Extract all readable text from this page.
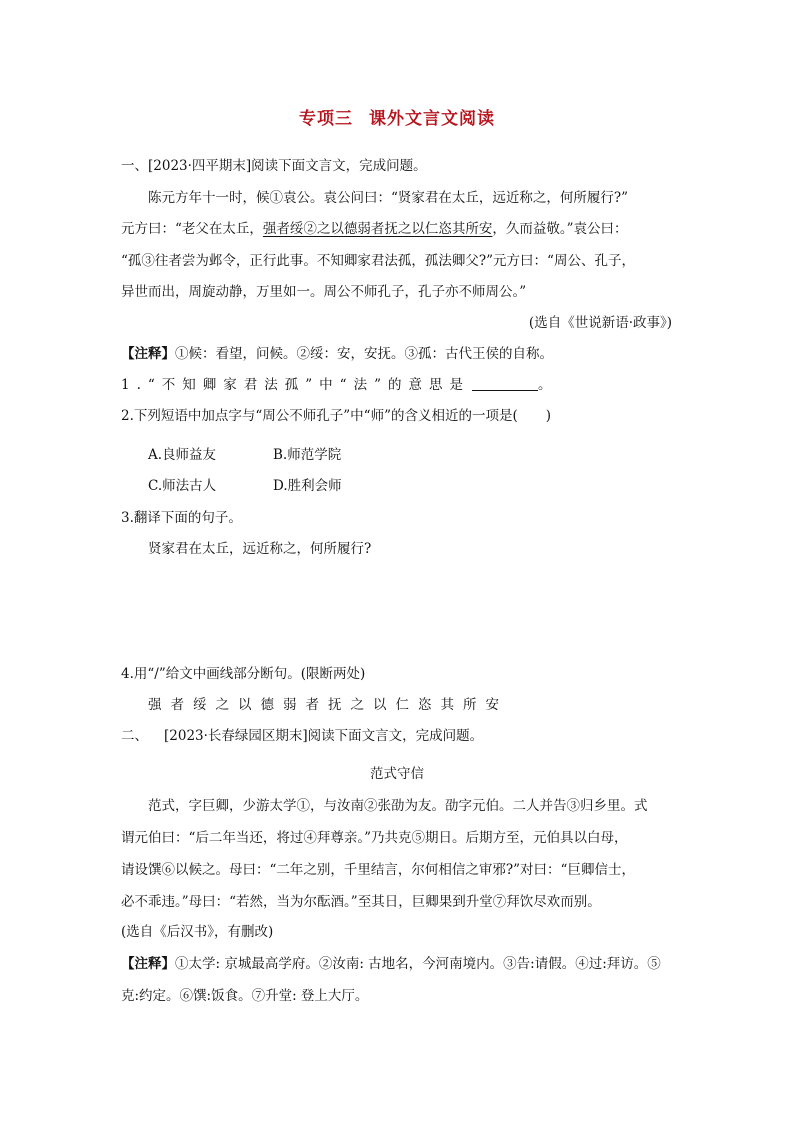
专项三 课外文言文阅读
一、[2023·四平期末]阅读下面文言文，完成问题。
陈元方年十一时，候①袁公。袁公问曰：“贤家君在太丘，远近称之，何所履行?”
元方曰：“老父在太丘，强者绥②之以德弱者抚之以仁恣其所安，久而益敬。”袁公曰：
“孤③往者尝为邺令，正行此事。不知卿家君法孤，孤法卿父?”元方曰：“周公、孔子，
异世而出，周旋动静，万里如一。周公不师孔子，孔子亦不师周公。”
(选自《世说新语·政事》)
【注释】①候：看望，问候。②绥：安，安抚。③孤：古代王侯的自称。
1.“不知卿家君法孤”中“法”的意思是	。
2.下列短语中加点字与“周公不师孔子”中“师”的含义相近的一项是( )
A.良师益友	B.师范学院
C.师法古人	D.胜利会师
3.翻译下面的句子。
贤家君在太丘，远近称之，何所履行?
4.用“/”给文中画线部分断句。(限断两处)
强者绥之以德弱者抚之以仁恣其所安
二、 [2023·长春绿园区期末]阅读下面文言文，完成问题。
范式守信
范式，字巨卿，少游太学①，与汝南②张劭为友。劭字元伯。二人并告③归乡里。式
谓元伯曰：“后二年当还，将过④拜尊亲。”乃共克⑤期日。后期方至，元伯具以白母，
请设馔⑥以候之。母曰：“二年之别，千里结言，尔何相信之审邪?”对曰：“巨卿信士，
必不乖违。”母曰：“若然，当为尔酝酒。”至其日，巨卿果到升堂⑦拜饮尽欢而别。
(选自《后汉书》，有删改)
【注释】①太学: 京城最高学府。②汝南: 古地名，今河南境内。③告:请假。④过:拜访。⑤
克:约定。⑥馔:饭食。⑦升堂: 登上大厅。
